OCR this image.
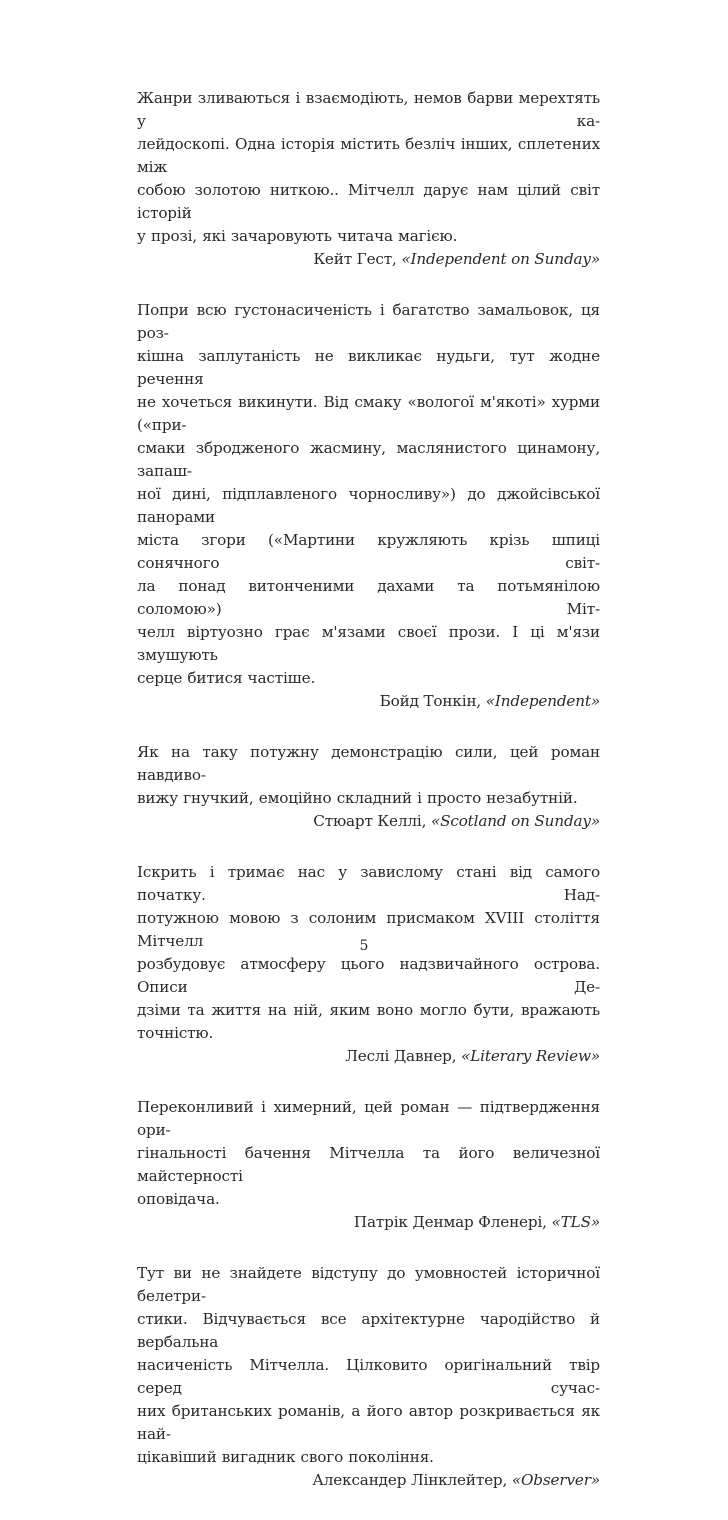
Жанри зливаються і взаємодіють, немов барви мерехтять у ка-
лейдоскопі. Одна історія містить безліч інших, сплетених між
собою золотою ниткою.. Мітчелл дарує нам цілий світ історій
у прозі, які зачаровують читача магією.

Кейт Гест, «Independent on Sunday»

Попри всю густонасиченість і багатство замальовок, ця роз-
кішна заплутаність не викликає нудьги, тут жодне речення
не хочеться викинути. Від смаку «вологої м'якоті» хурми («при-
смаки збродженого жасмину, маслянистого цинамону, запаш-
ної дині, підплавленого чорносливу») до джойсівської панорами
міста згори («Мартини кружляють крізь шпиці сонячного світ-
ла понад витонченими дахами та потьмянілою соломою») Міт-
челл віртуозно грає м'язами своєї прози. І ці м'язи змушують
серце битися частіше.

Бойд Тонкін, «Independent»

Як на таку потужну демонстрацію сили, цей роман навдиво-
вижу гнучкий, емоційно складний і просто незабутній.

Стюарт Келлі, «Scotland on Sunday»

Іскрить і тримає нас у завислому стані від самого початку. Над-
потужною мовою з солоним присмаком XVIII століття Мітчелл
розбудовує атмосферу цього надзвичайного острова. Описи Де-
дзіми та життя на ній, яким воно могло бути, вражають точністю.

Леслі Давнер, «Literary Review»

Переконливий і химерний, цей роман — підтвердження ори-
гінальності бачення Мітчелла та його величезної майстерності
оповідача.

Патрік Денмар Фленері, «TLS»

Тут ви не знайдете відступу до умовностей історичної белетри-
стики. Відчувається все архітектурне чародійство й вербальна
насиченість Мітчелла. Цілковито оригінальний твір серед сучас-
них британських романів, а його автор розкривається як най-
цікавіший вигадник свого покоління.

Александер Лінклейтер, «Observer»

5
